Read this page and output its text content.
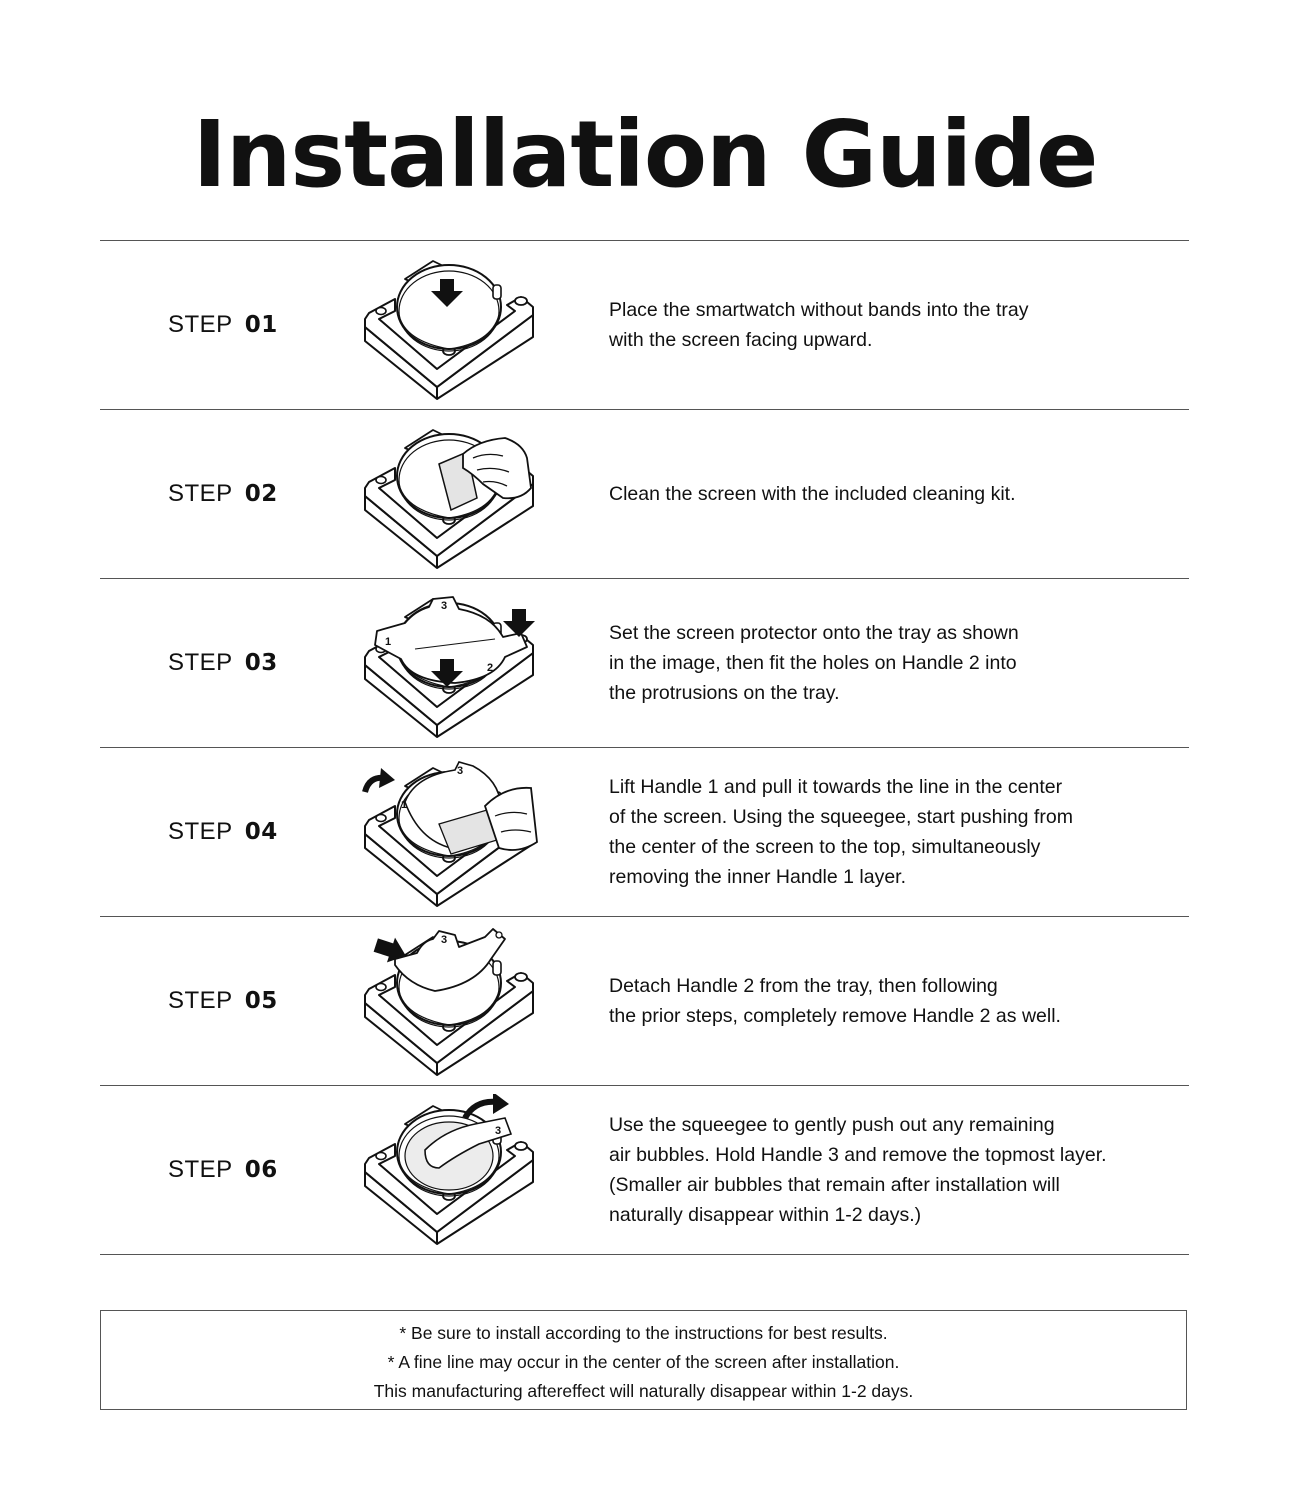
Installation Guide
STEP 01
Place the smartwatch without bands into the tray
with the screen facing upward.
STEP 02	Clean the screen with the included cleaning kit.
STEP 03
1
2
3
Set the screen protector onto the tray as shown
in the image, then fit the holes on Handle 2 into
the protrusions on the tray.
STEP 04
3
1
Lift Handle 1 and pull it towards the line in the center
of the screen. Using the squeegee, start pushing from
the center of the screen to the top, simultaneously
removing the inner Handle 1 layer.
STEP 05
3
Detach Handle 2 from the tray, then following
the prior steps, completely remove Handle 2 as well.
STEP 06
3	Use the squeegee to gently push out any remaining
air bubbles. Hold Handle 3 and remove the topmost layer.
(Smaller air bubbles that remain after installation will
naturally disappear within 1-2 days.)
* Be sure to install according to the instructions for best results.
* A fine line may occur in the center of the screen after installation.
This manufacturing aftereffect will naturally disappear within 1-2 days.
